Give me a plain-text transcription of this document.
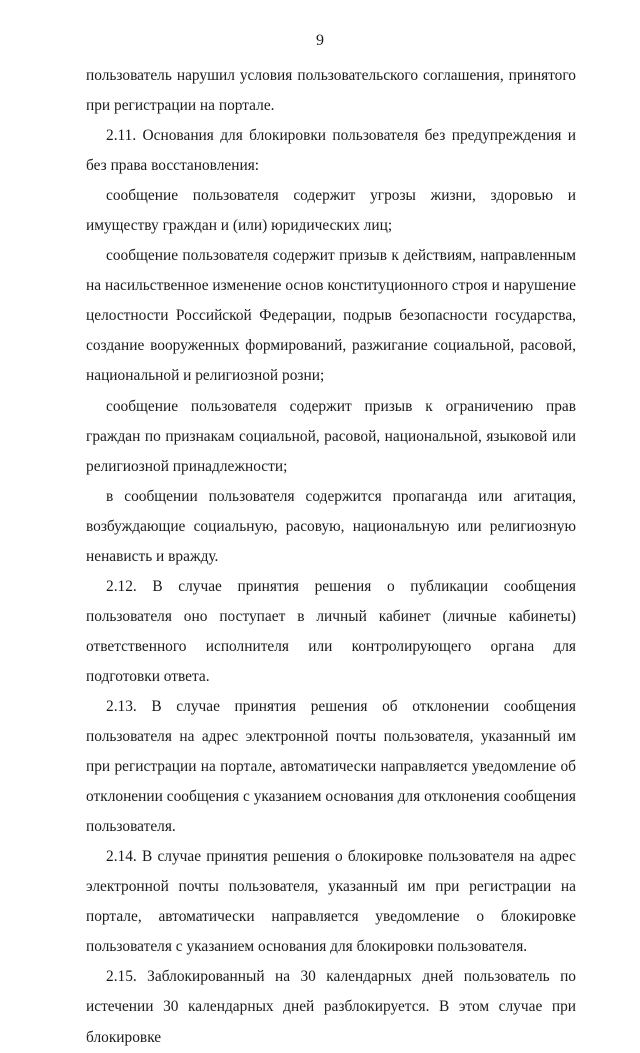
9

пользователь нарушил условия пользовательского соглашения, принятого при регистрации на портале.

2.11. Основания для блокировки пользователя без предупреждения и без права восстановления:

сообщение пользователя содержит угрозы жизни, здоровью и имуществу граждан и (или) юридических лиц;

сообщение пользователя содержит призыв к действиям, направленным на насильственное изменение основ конституционного строя и нарушение целостности Российской Федерации, подрыв безопасности государства, создание вооруженных формирований, разжигание социальной, расовой, национальной и религиозной розни;

сообщение пользователя содержит призыв к ограничению прав граждан по признакам социальной, расовой, национальной, языковой или религиозной принадлежности;

в сообщении пользователя содержится пропаганда или агитация, возбуждающие социальную, расовую, национальную или религиозную ненависть и вражду.

2.12. В случае принятия решения о публикации сообщения пользователя оно поступает в личный кабинет (личные кабинеты) ответственного исполнителя или контролирующего органа для подготовки ответа.

2.13. В случае принятия решения об отклонении сообщения пользователя на адрес электронной почты пользователя, указанный им при регистрации на портале, автоматически направляется уведомление об отклонении сообщения с указанием основания для отклонения сообщения пользователя.

2.14. В случае принятия решения о блокировке пользователя на адрес электронной почты пользователя, указанный им при регистрации на портале, автоматически направляется уведомление о блокировке пользователя с указанием основания для блокировки пользователя.

2.15. Заблокированный на 30 календарных дней пользователь по истечении 30 календарных дней разблокируется. В этом случае при блокировке
